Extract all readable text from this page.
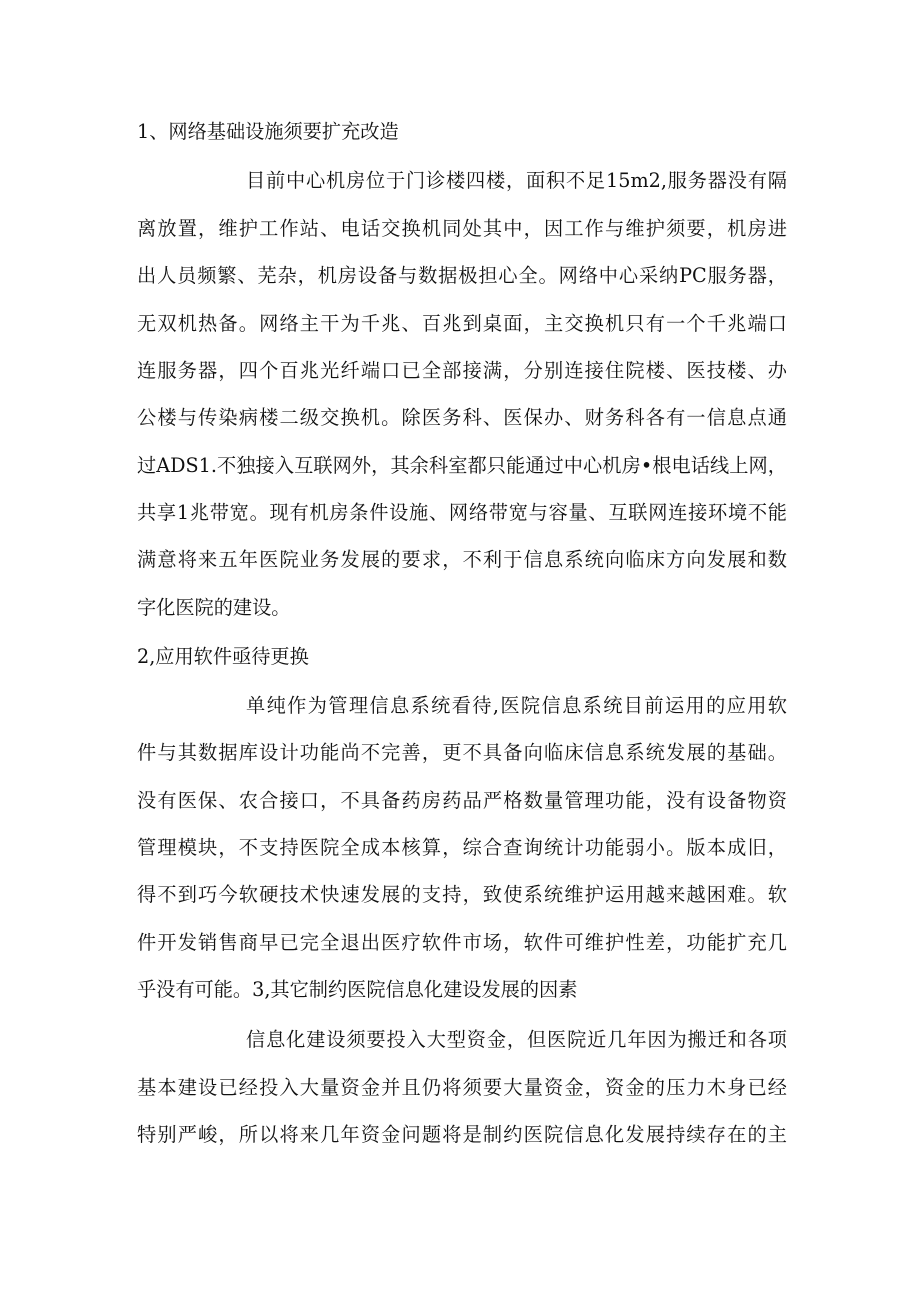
1、网络基础设施须要扩充改造
目前中心机房位于门诊楼四楼，面积不足15m2,服务器没有隔
离放置，维护工作站、电话交换机同处其中，因工作与维护须要，机房进
出人员频繁、芜杂，机房设备与数据极担心全。网络中心采纳PC服务器，
无双机热备。网络主干为千兆、百兆到桌面，主交换机只有一个千兆端口
连服务器，四个百兆光纤端口已全部接满，分别连接住院楼、医技楼、办
公楼与传染病楼二级交换机。除医务科、医保办、财务科各有一信息点通
过ADS1.不独接入互联网外，其余科室都只能通过中心机房•根电话线上网，
共享1兆带宽。现有机房条件设施、网络带宽与容量、互联网连接环境不能
满意将来五年医院业务发展的要求，不利于信息系统向临床方向发展和数
字化医院的建设。
2,应用软件亟待更换
单纯作为管理信息系统看待,医院信息系统目前运用的应用软
件与其数据库设计功能尚不完善，更不具备向临床信息系统发展的基础。
没有医保、农合接口，不具备药房药品严格数量管理功能，没有设备物资
管理模块，不支持医院全成本核算，综合查询统计功能弱小。版本成旧，
得不到巧今软硬技术快速发展的支持，致使系统维护运用越来越困难。软
件开发销售商早已完全退出医疗软件市场，软件可维护性差，功能扩充几
乎没有可能。3,其它制约医院信息化建设发展的因素
信息化建设须要投入大型资金，但医院近几年因为搬迁和各项
基本建设已经投入大量资金并且仍将须要大量资金，资金的压力木身已经
特别严峻，所以将来几年资金问题将是制约医院信息化发展持续存在的主
